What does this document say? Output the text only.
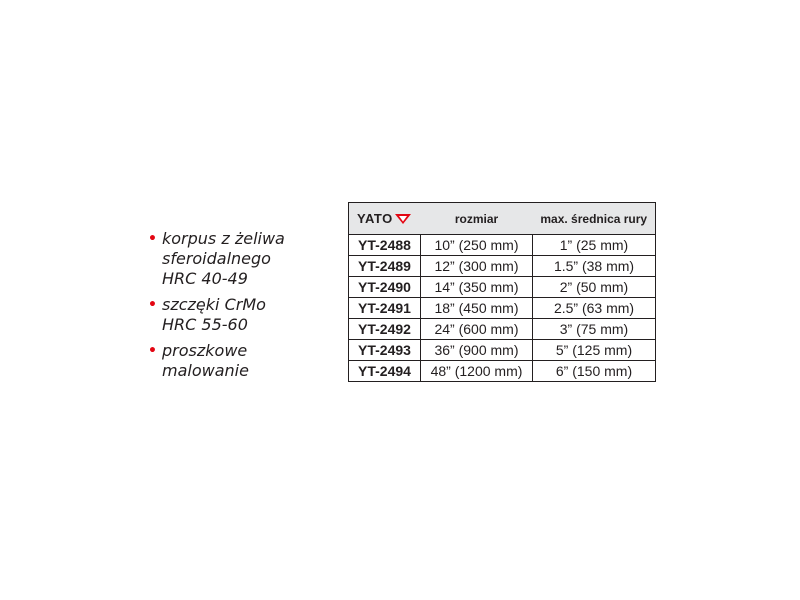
• korpus z żeliwa
sferoidalnego
HRC 40-49
• szczęki CrMo
HRC 55-60
• proszkowe
malowanie
YATO	rozmiar	max. średnica rury
YT-2488	10” (250 mm)	1” (25 mm)
YT-2489	12” (300 mm)	1.5” (38 mm)
YT-2490	14” (350 mm)	2” (50 mm)
YT-2491	18” (450 mm)	2.5” (63 mm)
YT-2492	24” (600 mm)	3” (75 mm)
YT-2493	36” (900 mm)	5” (125 mm)
YT-2494	48” (1200 mm)	6” (150 mm)
